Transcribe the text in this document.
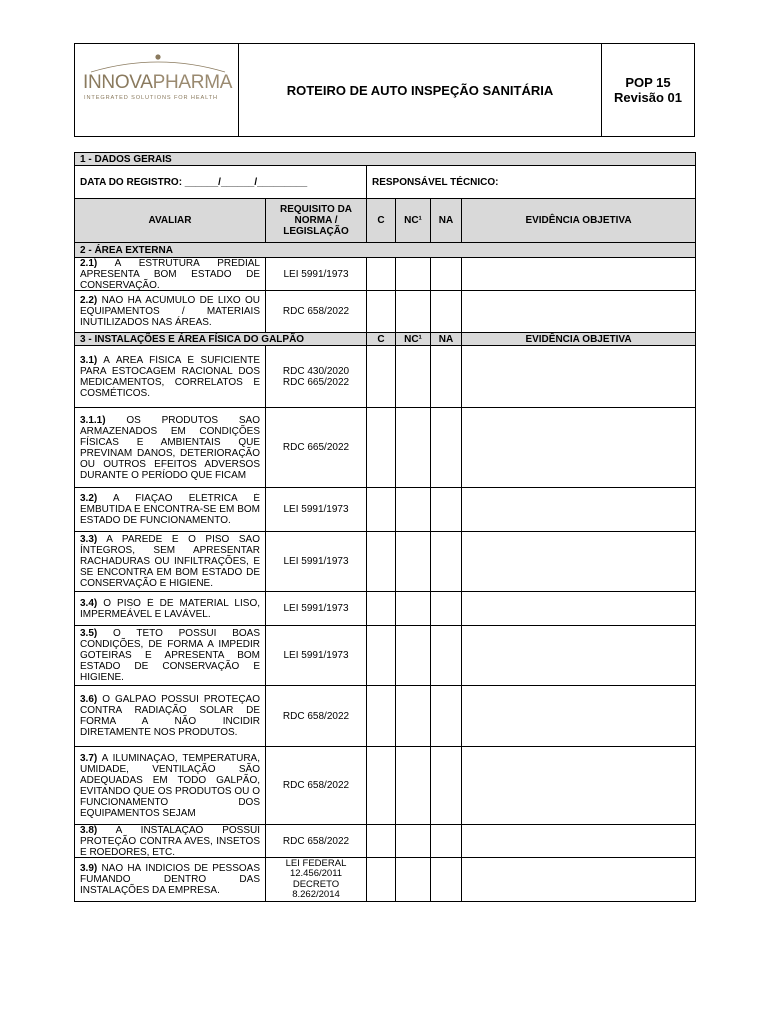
INNOVAPHARMA
INTEGRATED SOLUTIONS FOR HEALTH
ROTEIRO DE AUTO INSPEÇÃO SANITÁRIA	POP 15
Revisão 01
1 - DADOS GERAIS					
DATA DO REGISTRO: ______/______/_________		RESPONSÁVEL TÉCNICO:			
AVALIAR	REQUISITO DA NORMA / LEGISLAÇÃO	C	NC¹	NA	EVIDÊNCIA OBJETIVA
2 - ÁREA EXTERNA					

2.1) A ESTRUTURA PREDIAL APRESENTA BOM ESTADO DE CONSERVAÇÃO.	LEI 5991/1973				

2.2) NÃO HÁ ACÚMULO DE LIXO OU EQUIPAMENTOS / MATERIAIS INUTILIZADOS NAS ÁREAS.	RDC 658/2022				
3 - INSTALAÇÕES E ÁREA FÍSICA DO GALPÃO		C	NC¹	NA	EVIDÊNCIA OBJETIVA

3.1) A ÁREA FÍSICA É SUFICIENTE PARA ESTOCAGEM RACIONAL DOS MEDICAMENTOS, CORRELATOS E COSMÉTICOS.	RDC 430/2020 RDC 665/2022				

3.1.1) OS PRODUTOS SÃO ARMAZENADOS EM CONDIÇÕES FÍSICAS E AMBIENTAIS QUE PREVINAM DANOS, DETERIORAÇÃO OU OUTROS EFEITOS ADVERSOS DURANTE O PERÍODO QUE FICAM	RDC 665/2022				

3.2) A FIAÇÃO ELÉTRICA É EMBUTIDA E ENCONTRA-SE EM BOM ESTADO DE FUNCIONAMENTO.	LEI 5991/1973				

3.3) A PAREDE E O PISO SÃO ÍNTEGROS, SEM APRESENTAR RACHADURAS OU INFILTRAÇÕES, E SE ENCONTRA EM BOM ESTADO DE CONSERVAÇÃO E HIGIENE.	LEI 5991/1973				

3.4) O PISO É DE MATERIAL LISO, IMPERMEÁVEL E LAVÁVEL.	LEI 5991/1973				

3.5) O TETO POSSUI BOAS CONDIÇÕES, DE FORMA A IMPEDIR GOTEIRAS E APRESENTA BOM ESTADO DE CONSERVAÇÃO E HIGIENE.	LEI 5991/1973				

3.6) O GALPÃO POSSUI PROTEÇÃO CONTRA RADIAÇÃO SOLAR DE FORMA A NÃO INCIDIR DIRETAMENTE NOS PRODUTOS.	RDC 658/2022				

3.7) A ILUMINAÇÃO, TEMPERATURA, UMIDADE, VENTILAÇÃO SÃO ADEQUADAS EM TODO GALPÃO, EVITANDO QUE OS PRODUTOS OU O FUNCIONAMENTO DOS EQUIPAMENTOS SEJAM	RDC 658/2022				

3.8) A INSTALAÇÃO POSSUI PROTEÇÃO CONTRA AVES, INSETOS E ROEDORES, ETC.	RDC 658/2022				

3.9) NÃO HÁ INDÍCIOS DE PESSOAS FUMANDO DENTRO DAS INSTALAÇÕES DA EMPRESA.	LEI FEDERAL 12.456/2011 DECRETO 8.262/2014				
